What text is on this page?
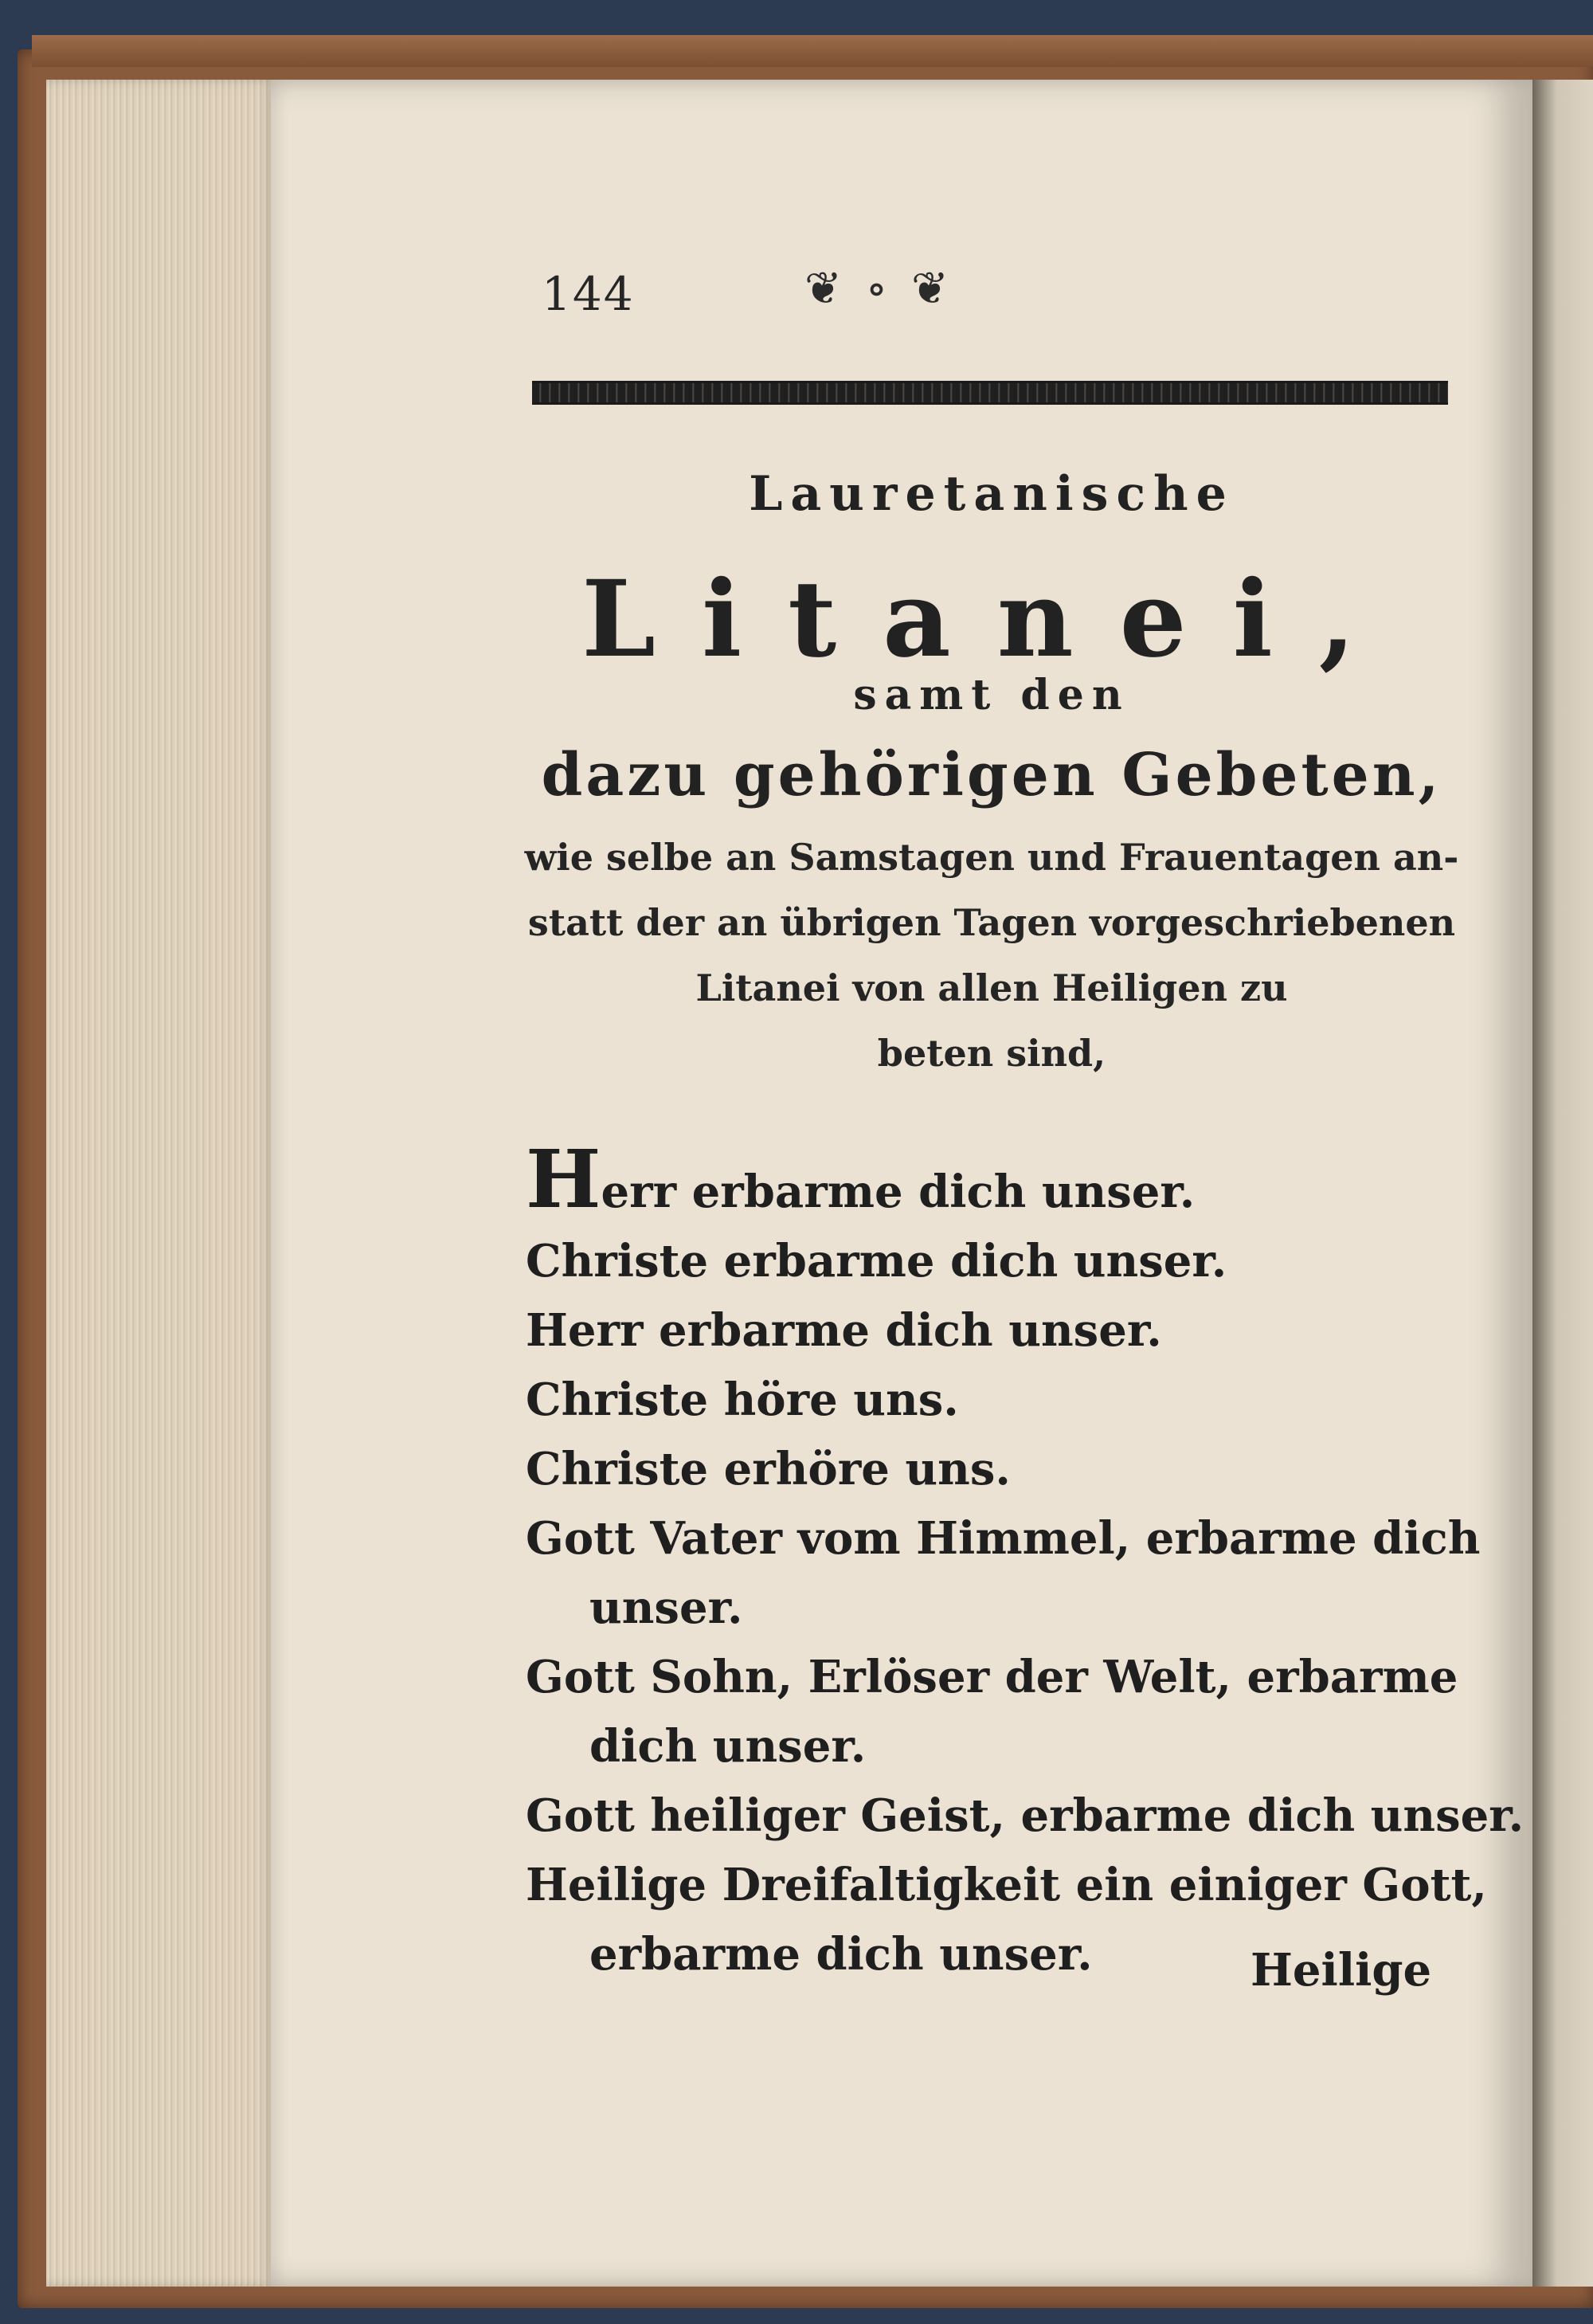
144	❦ ∘ ❦
Lauretanische
Litanei,
samt den
dazu gehörigen Gebeten,
wie selbe an Samstagen und Frauentagen an-
statt der an übrigen Tagen vorgeschriebenen
Litanei von allen Heiligen zu
beten sind,
Herr erbarme dich unser.
Christe erbarme dich unser.
Herr erbarme dich unser.
Christe höre uns.
Christe erhöre uns.
Gott Vater vom Himmel, erbarme dich
unser.
Gott Sohn, Erlöser der Welt, erbarme
dich unser.
Gott heiliger Geist, erbarme dich unser.
Heilige Dreifaltigkeit ein einiger Gott,
erbarme dich unser.	Heilige
